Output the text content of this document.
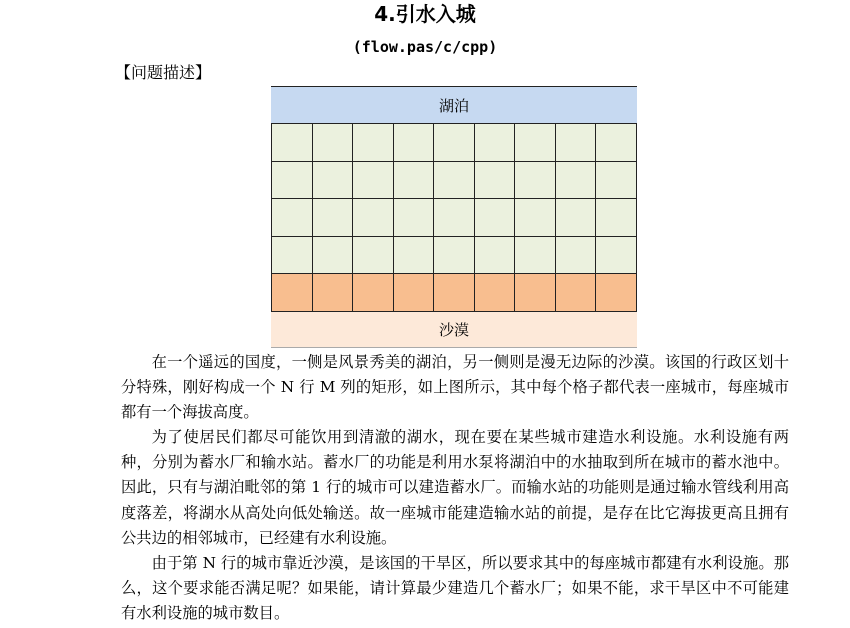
4.引水入城
(flow.pas/c/cpp)
【问题描述】
湖泊
沙漠

在一个遥远的国度，一侧是风景秀美的湖泊，另一侧则是漫无边际的沙漠。该国的行政区划十分特殊，刚好构成一个 N 行 M 列的矩形，如上图所示，其中每个格子都代表一座城市，每座城市都有一个海拔高度。

为了使居民们都尽可能饮用到清澈的湖水，现在要在某些城市建造水利设施。水利设施有两种，分别为蓄水厂和输水站。蓄水厂的功能是利用水泵将湖泊中的水抽取到所在城市的蓄水池中。因此，只有与湖泊毗邻的第 1 行的城市可以建造蓄水厂。而输水站的功能则是通过输水管线利用高度落差，将湖水从高处向低处输送。故一座城市能建造输水站的前提，是存在比它海拔更高且拥有公共边的相邻城市，已经建有水利设施。

由于第 N 行的城市靠近沙漠，是该国的干旱区，所以要求其中的每座城市都建有水利设施。那么，这个要求能否满足呢？如果能，请计算最少建造几个蓄水厂；如果不能，求干旱区中不可能建有水利设施的城市数目。
